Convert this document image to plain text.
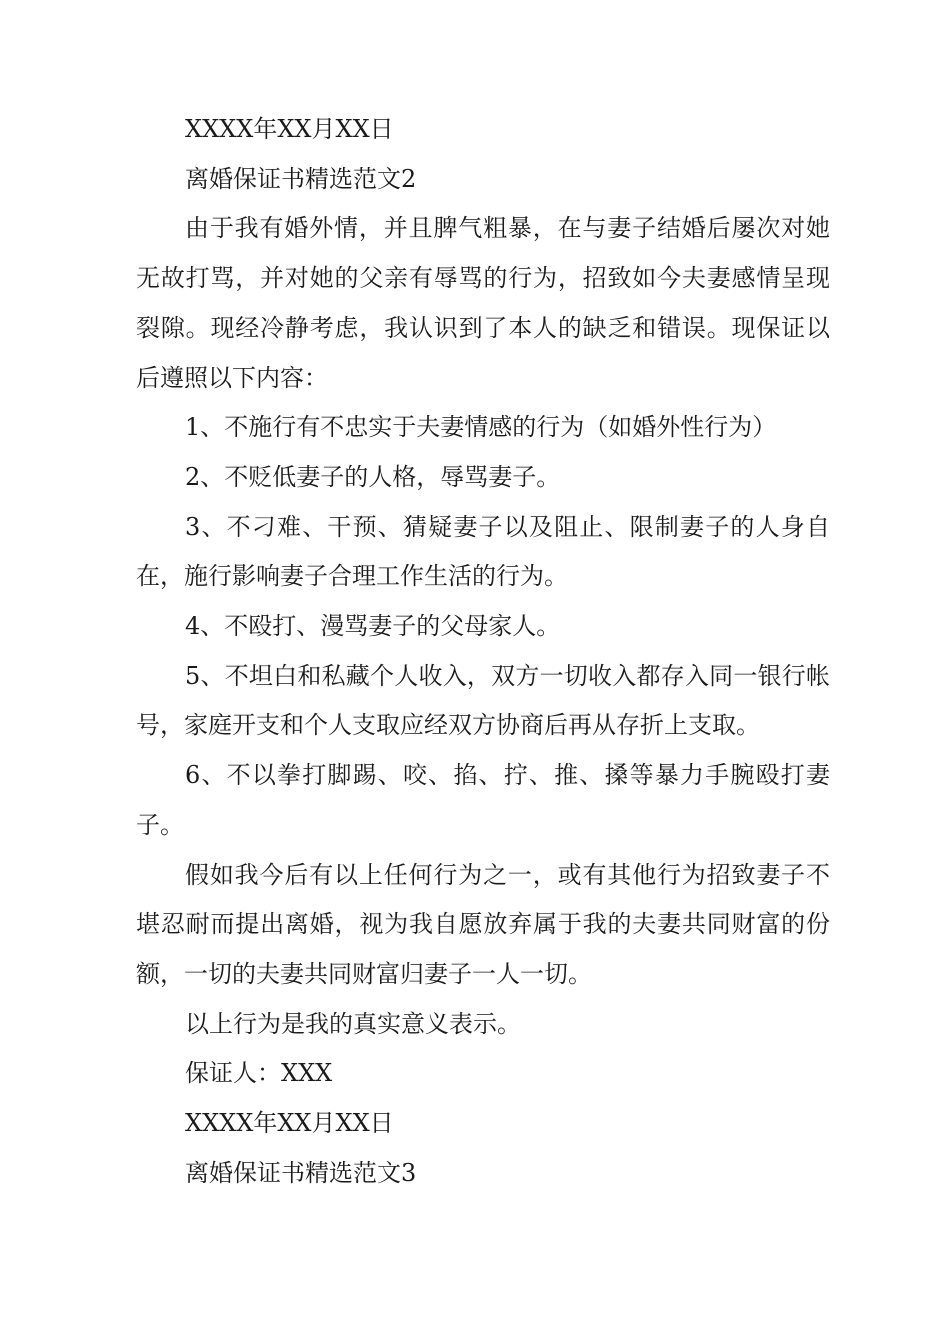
XXXX年XX月XX日

离婚保证书精选范文2

由于我有婚外情，并且脾气粗暴，在与妻子结婚后屡次对她无故打骂，并对她的父亲有辱骂的行为，招致如今夫妻感情呈现裂隙。现经冷静考虑，我认识到了本人的缺乏和错误。现保证以后遵照以下内容：

1、不施行有不忠实于夫妻情感的行为（如婚外性行为）

2、不贬低妻子的人格，辱骂妻子。

3、不刁难、干预、猜疑妻子以及阻止、限制妻子的人身自在，施行影响妻子合理工作生活的行为。

4、不殴打、漫骂妻子的父母家人。

5、不坦白和私藏个人收入，双方一切收入都存入同一银行帐号，家庭开支和个人支取应经双方协商后再从存折上支取。

6、不以拳打脚踢、咬、掐、拧、推、搡等暴力手腕殴打妻子。

假如我今后有以上任何行为之一，或有其他行为招致妻子不堪忍耐而提出离婚，视为我自愿放弃属于我的夫妻共同财富的份额，一切的夫妻共同财富归妻子一人一切。

以上行为是我的真实意义表示。

保证人：XXX

XXXX年XX月XX日

离婚保证书精选范文3
